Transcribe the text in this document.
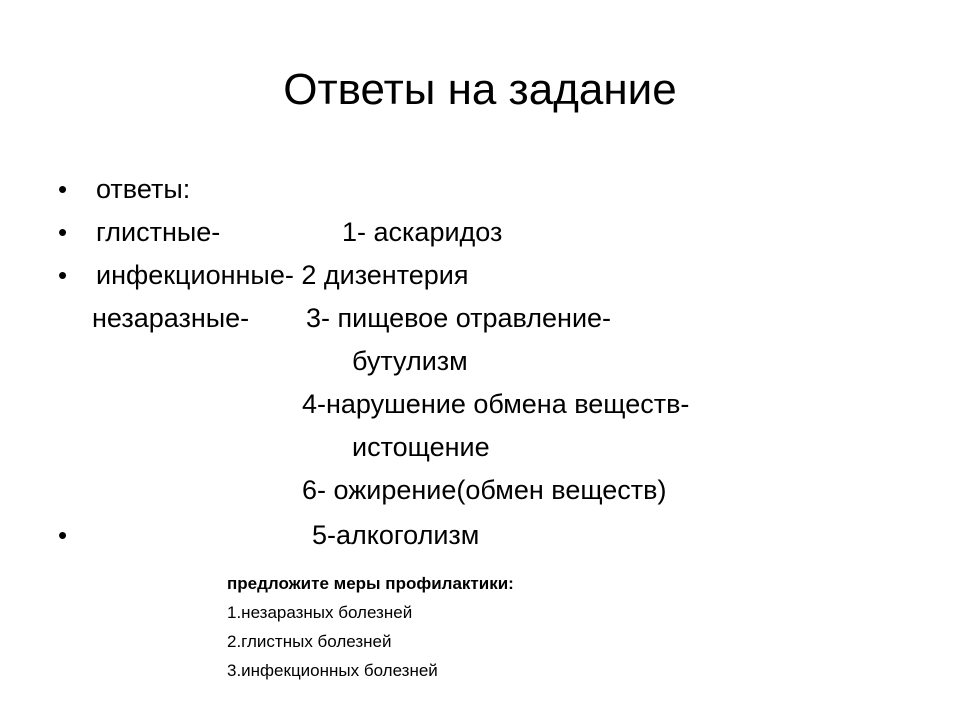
Ответы на задание
•
•
•
•
ответы:
глистные-	1- аскаридоз
инфекционные- 2 дизентерия
незаразные- 3- пищевое отравление-
бутулизм
4-нарушение обмена веществ-
истощение
6- ожирение(обмен веществ)
5-алкоголизм
предложите меры профилактики:
1.незаразных болезней
2.глистных болезней
3.инфекционных болезней
